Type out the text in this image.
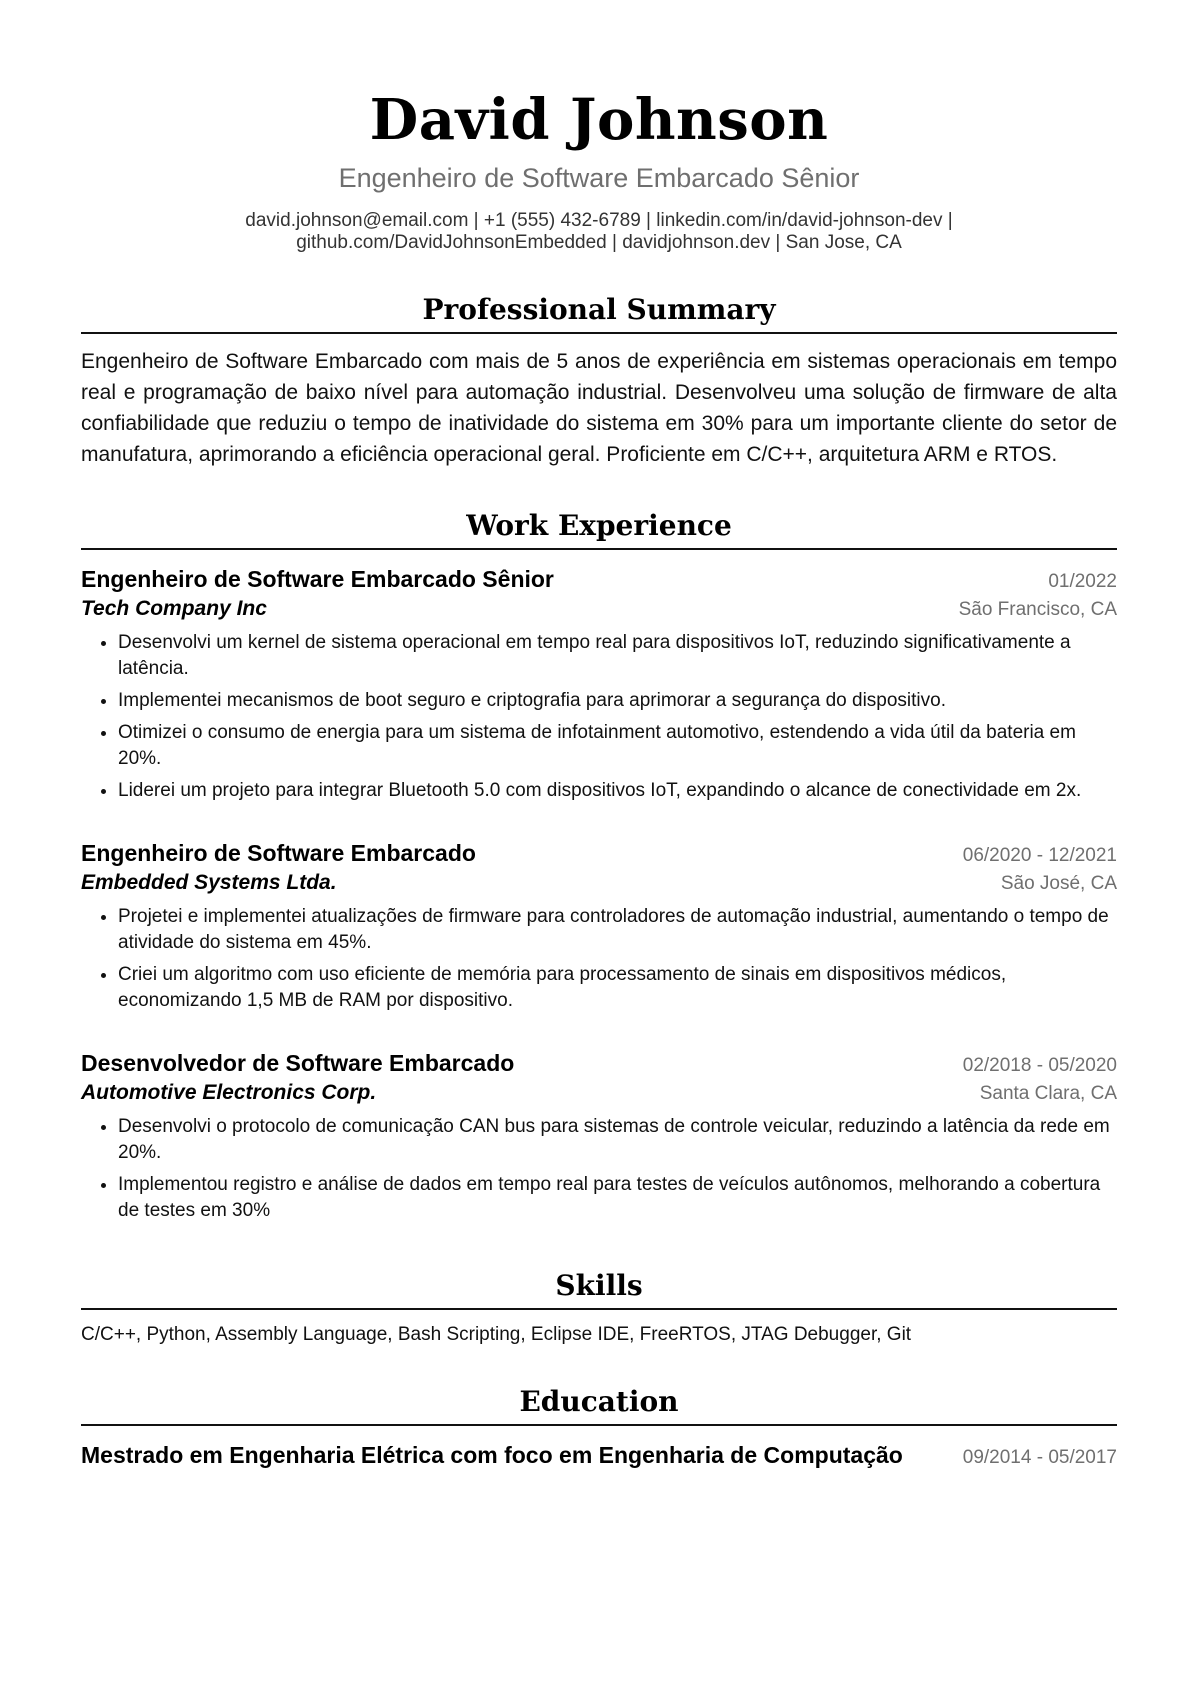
David Johnson
Engenheiro de Software Embarcado Sênior
david.johnson@email.com | +1 (555) 432-6789 | linkedin.com/in/david-johnson-dev |
github.com/DavidJohnsonEmbedded | davidjohnson.dev | San Jose, CA
Professional Summary
Engenheiro de Software Embarcado com mais de 5 anos de experiência em sistemas operacionais em tempo real e programação de baixo nível para automação industrial. Desenvolveu uma solução de firmware de alta confiabilidade que reduziu o tempo de inatividade do sistema em 30% para um importante cliente do setor de manufatura, aprimorando a eficiência operacional geral. Proficiente em C/C++, arquitetura ARM e RTOS.
Work Experience
Engenheiro de Software Embarcado Sênior	01/2022
Tech Company Inc	São Francisco, CA
• Desenvolvi um kernel de sistema operacional em tempo real para dispositivos IoT, reduzindo significativamente a latência.
• Implementei mecanismos de boot seguro e criptografia para aprimorar a segurança do dispositivo.
• Otimizei o consumo de energia para um sistema de infotainment automotivo, estendendo a vida útil da bateria em 20%.
• Liderei um projeto para integrar Bluetooth 5.0 com dispositivos IoT, expandindo o alcance de conectividade em 2x.
Engenheiro de Software Embarcado	06/2020 - 12/2021
Embedded Systems Ltda.	São José, CA
• Projetei e implementei atualizações de firmware para controladores de automação industrial, aumentando o tempo de atividade do sistema em 45%.
• Criei um algoritmo com uso eficiente de memória para processamento de sinais em dispositivos médicos, economizando 1,5 MB de RAM por dispositivo.
Desenvolvedor de Software Embarcado	02/2018 - 05/2020
Automotive Electronics Corp.	Santa Clara, CA
• Desenvolvi o protocolo de comunicação CAN bus para sistemas de controle veicular, reduzindo a latência da rede em 20%.
• Implementou registro e análise de dados em tempo real para testes de veículos autônomos, melhorando a cobertura de testes em 30%
Skills
C/C++, Python, Assembly Language, Bash Scripting, Eclipse IDE, FreeRTOS, JTAG Debugger, Git
Education
Mestrado em Engenharia Elétrica com foco em Engenharia de Computação	09/2014 - 05/2017
